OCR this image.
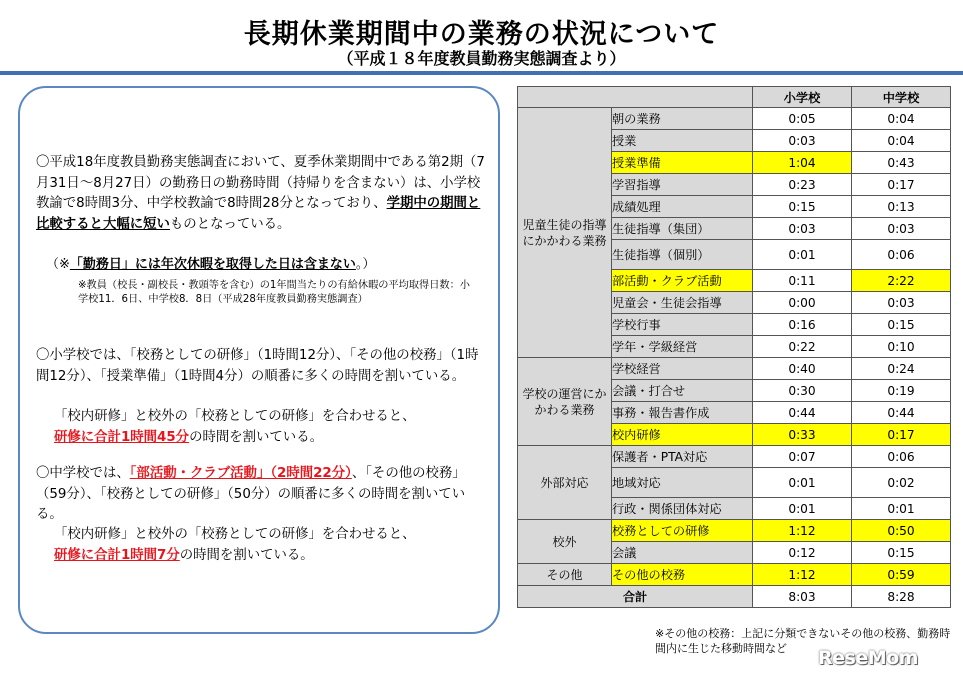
長期休業期間中の業務の状況について
（平成１８年度教員勤務実態調査より）
〇平成18年度教員勤務実態調査において、夏季休業期間中である第2期（7月31日～8月27日）の勤務日の勤務時間（持帰りを含まない）は、小学校教諭で8時間3分、中学校教諭で8時間28分となっており、学期中の期間と比較すると大幅に短いものとなっている。
（※「勤務日」には年次休暇を取得した日は含まない。）
※教員（校長・副校長・教頭等を含む）の1年間当たりの有給休暇の平均取得日数：小学校11．6日、中学校8．8日（平成28年度教員勤務実態調査）
〇小学校では、「校務としての研修」（1時間12分）、「その他の校務」（1時間12分）、「授業準備」（1時間4分）の順番に多くの時間を割いている。
「校内研修」と校外の「校務としての研修」を合わせると、
研修に合計1時間45分の時間を割いている。
〇中学校では、「部活動・クラブ活動」（2時間22分）、「その他の校務」（59分）、「校務としての研修」（50分）の順番に多くの時間を割いている。
「校内研修」と校外の「校務としての研修」を合わせると、
研修に合計1時間7分の時間を割いている。
		小学校	中学校
児童生徒の指導にかかわる業務	朝の業務	0:05	0:04
	授業	0:03	0:04
	授業準備	1:04	0:43
	学習指導	0:23	0:17
	成績処理	0:15	0:13
	生徒指導（集団）	0:03	0:03
	生徒指導（個別）	0:01	0:06
	部活動・クラブ活動	0:11	2:22
	児童会・生徒会指導	0:00	0:03
	学校行事	0:16	0:15
	学年・学級経営	0:22	0:10
学校の運営にかかわる業務	学校経営	0:40	0:24
	会議・打合せ	0:30	0:19
	事務・報告書作成	0:44	0:44
	校内研修	0:33	0:17
外部対応	保護者・PTA対応	0:07	0:06
	地域対応	0:01	0:02
	行政・関係団体対応	0:01	0:01
校外	校務としての研修	1:12	0:50
	会議	0:12	0:15
その他	その他の校務	1:12	0:59
合計		8:03	8:28
※その他の校務：上記に分類できないその他の校務、勤務時間内に生じた移動時間など	ReseMom
